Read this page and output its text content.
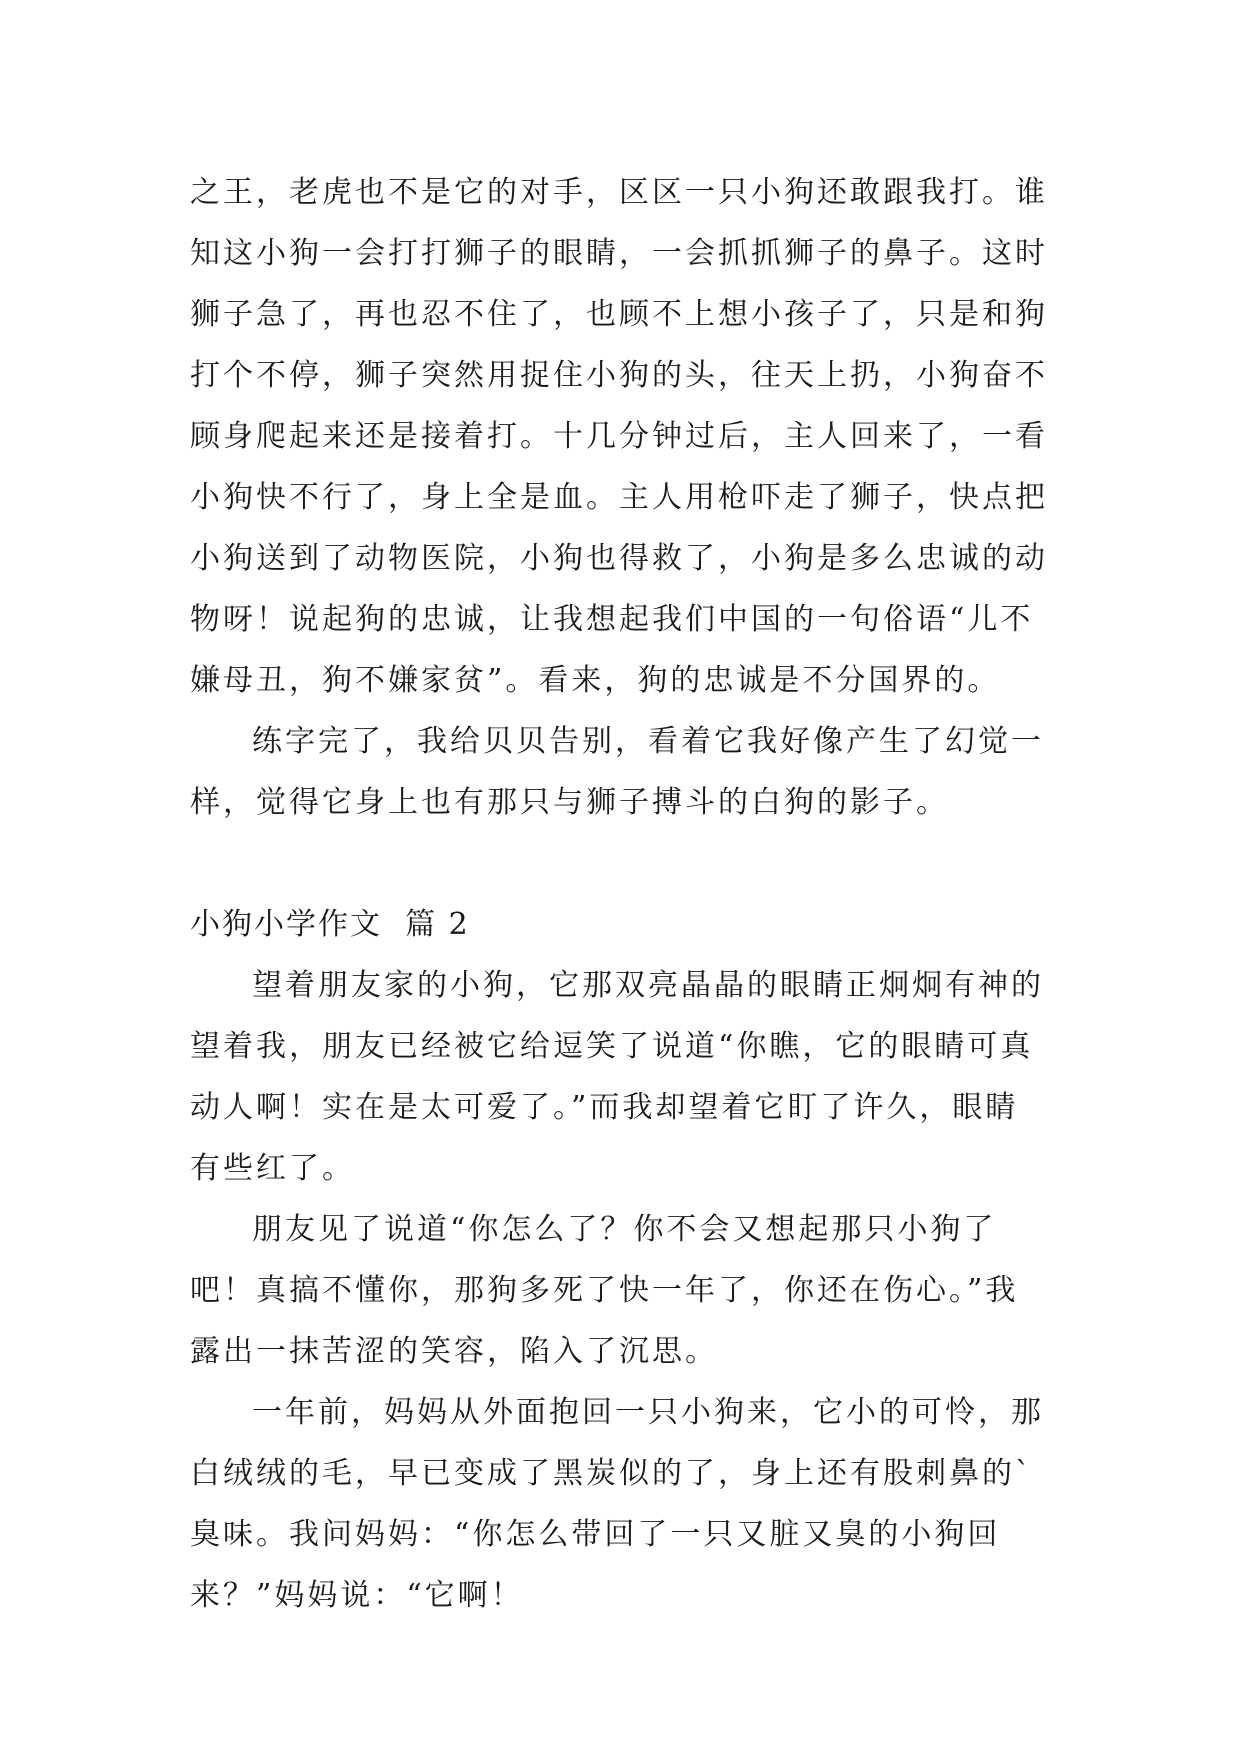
之王，老虎也不是它的对手，区区一只小狗还敢跟我打。谁
知这小狗一会打打狮子的眼睛，一会抓抓狮子的鼻子。这时
狮子急了，再也忍不住了，也顾不上想小孩子了，只是和狗
打个不停，狮子突然用捉住小狗的头，往天上扔，小狗奋不
顾身爬起来还是接着打。十几分钟过后，主人回来了，一看
小狗快不行了，身上全是血。主人用枪吓走了狮子，快点把
小狗送到了动物医院，小狗也得救了，小狗是多么忠诚的动
物呀！说起狗的忠诚，让我想起我们中国的一句俗语“儿不
嫌母丑，狗不嫌家贫”。看来，狗的忠诚是不分国界的。

练字完了，我给贝贝告别，看着它我好像产生了幻觉一
样，觉得它身上也有那只与狮子搏斗的白狗的影子。

小狗小学作文  篇 2

望着朋友家的小狗，它那双亮晶晶的眼睛正炯炯有神的
望着我，朋友已经被它给逗笑了说道“你瞧，它的眼睛可真
动人啊！实在是太可爱了。”而我却望着它盯了许久，眼睛
有些红了。

朋友见了说道“你怎么了？你不会又想起那只小狗了
吧！真搞不懂你，那狗多死了快一年了，你还在伤心。”我
露出一抹苦涩的笑容，陷入了沉思。

一年前，妈妈从外面抱回一只小狗来，它小的可怜，那
白绒绒的毛，早已变成了黑炭似的了，身上还有股刺鼻的`
臭味。我问妈妈：“你怎么带回了一只又脏又臭的小狗回
来？”妈妈说：“它啊！
